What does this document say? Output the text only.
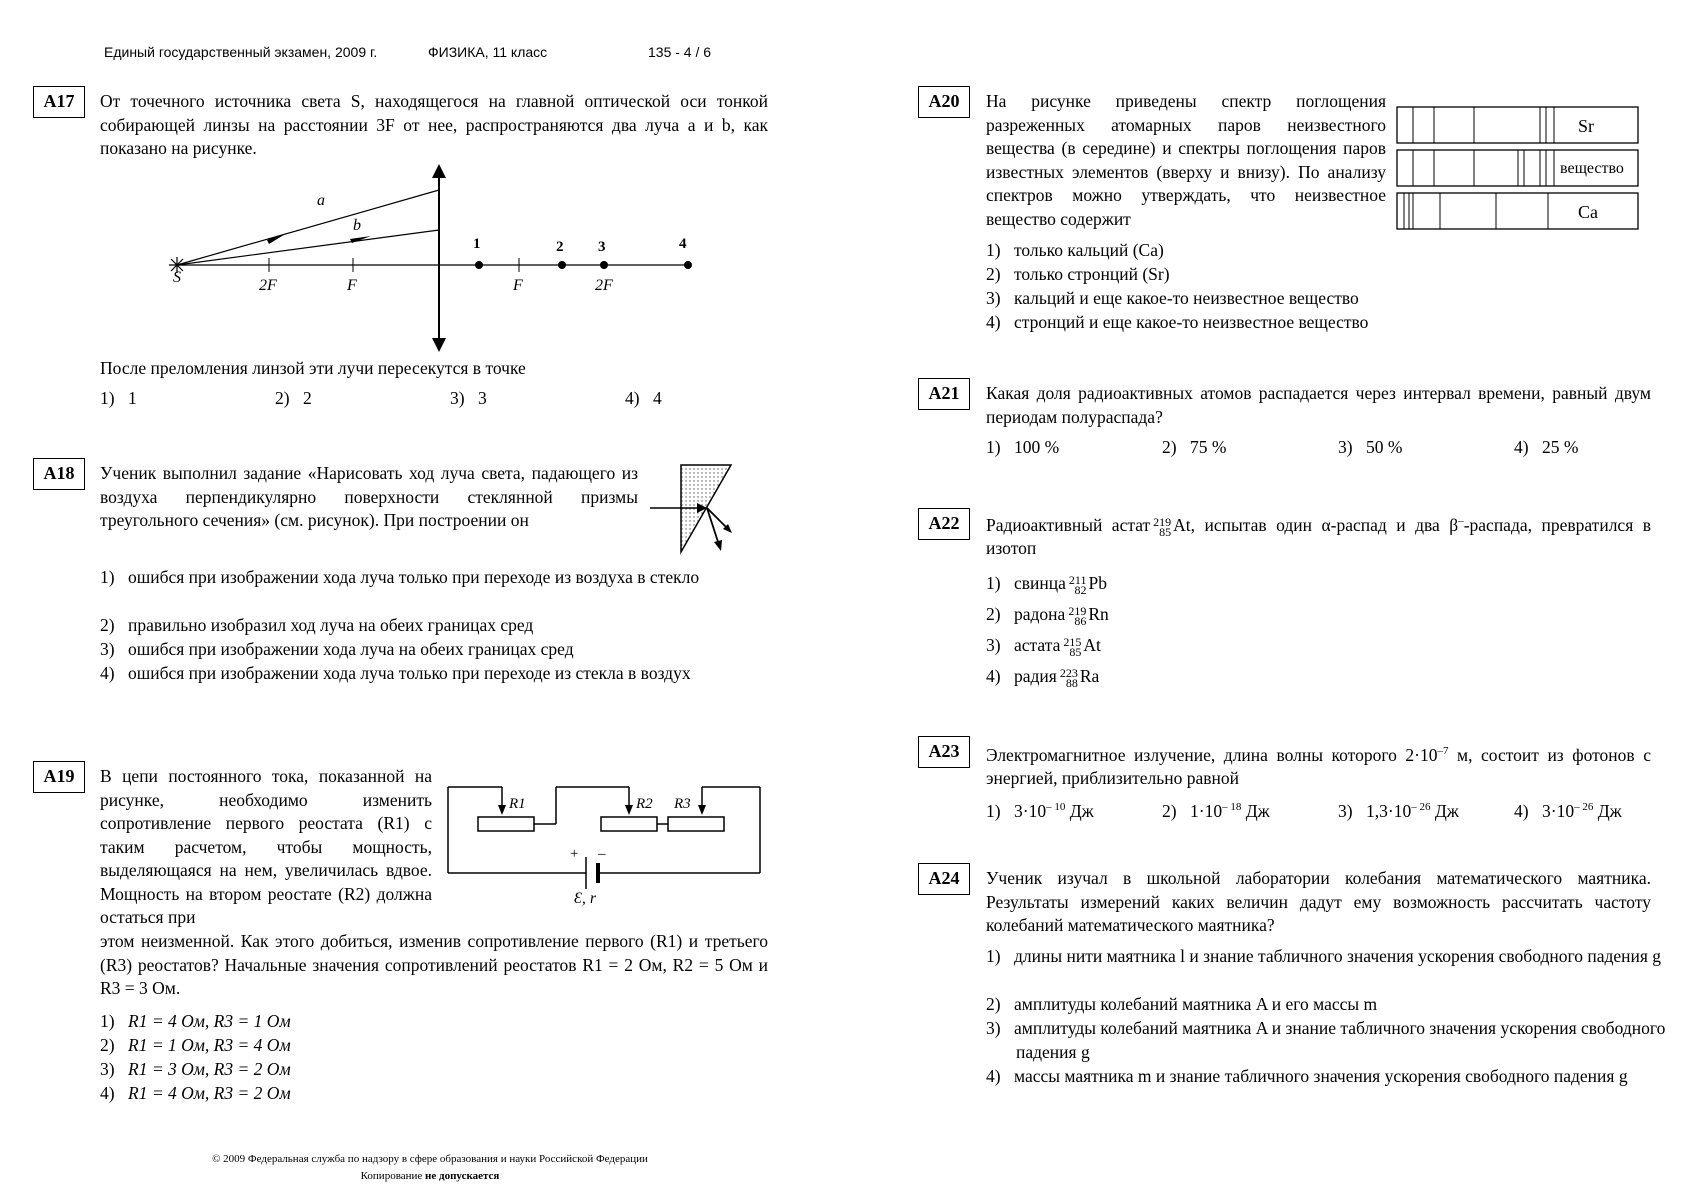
Единый государственный экзамен, 2009 г.	ФИЗИКА, 11 класс	135 - 4 / 6
А17	От точечного источника света S, находящегося на главной оптической оси тонкой собирающей линзы на расстоянии 3F от нее, распространяются два луча a и b, как показано на рисунке.
S
a
b
2F	F	F	2F
1	2 3	4
После преломления линзой эти лучи пересекутся в точке
1) 1	2) 2	3) 3	4) 4
А18	Ученик выполнил задание «Нарисовать ход луча света, падающего из воздуха перпендикулярно поверхности стеклянной призмы треугольного сечения» (см. рисунок). При построении он
1) ошибся при изображении хода луча только при переходе из воздуха в стекло
2) правильно изобразил ход луча на обеих границах сред
3) ошибся при изображении хода луча на обеих границах сред
4) ошибся при изображении хода луча только при переходе из стекла в воздух
А19	В цепи постоянного тока, показанной на рисунке, необходимо изменить сопротивление первого реостата (R1) с таким расчетом, чтобы мощность, выделяющаяся на нем, увеличилась вдвое. Мощность на втором реостате (R2) должна остаться при
+ –
Ɛ, r
R1	R2 R3
этом неизменной. Как этого добиться, изменив сопротивление первого (R1) и третьего (R3) реостатов? Начальные значения сопротивлений реостатов R1 = 2 Ом, R2 = 5 Ом и R3 = 3 Ом.
1) R1 = 4 Ом, R3 = 1 Ом
2) R1 = 1 Ом, R3 = 4 Ом
3) R1 = 3 Ом, R3 = 2 Ом
4) R1 = 4 Ом, R3 = 2 Ом
© 2009 Федеральная служба по надзору в сфере образования и науки Российской Федерации
Копирование не допускается
А20	На рисунке приведены спектр поглощения разреженных атомарных паров неизвестного вещества (в середине) и спектры поглощения паров известных элементов (вверху и внизу). По анализу спектров можно утверждать, что неизвестное вещество содержит
Sr
вещество
Ca
1) только кальций (Ca)
2) только стронций (Sr)
3) кальций и еще какое-то неизвестное вещество
4) стронций и еще какое-то неизвестное вещество
А21	Какая доля радиоактивных атомов распадается через интервал времени, равный двум периодам полураспада?
1) 100 %	2) 75 %	3) 50 %	4) 25 %
А22	Радиоактивный астат 219
85 At, испытав один α-распад и два β–-распада, превратился в изотоп
1) свинца 211
82 Pb
2) радона 219
86 Rn
3) астата 215
85 At
4) радия 223
88 Ra
А23	Электромагнитное излучение, длина волны которого $2\cdot 10^{-7}$ м, состоит из фотонов с энергией, приблизительно равной
1) $3\cdot 10^{- 10}$ Дж	2) $1\cdot 10^{- 18}$ Дж	3) $1,3\cdot 10^{- 26}$ Дж	4) $3\cdot 10^{- 26}$ Дж
А24	Ученик изучал в школьной лаборатории колебания математического маятника. Результаты измерений каких величин дадут ему возможность рассчитать частоту колебаний математического маятника?
1) длины нити маятника l и знание табличного значения ускорения свободного падения g
2) амплитуды колебаний маятника A и его массы m
3) амплитуды колебаний маятника A и знание табличного значения ускорения свободного падения g
4) массы маятника m и знание табличного значения ускорения свободного падения g
